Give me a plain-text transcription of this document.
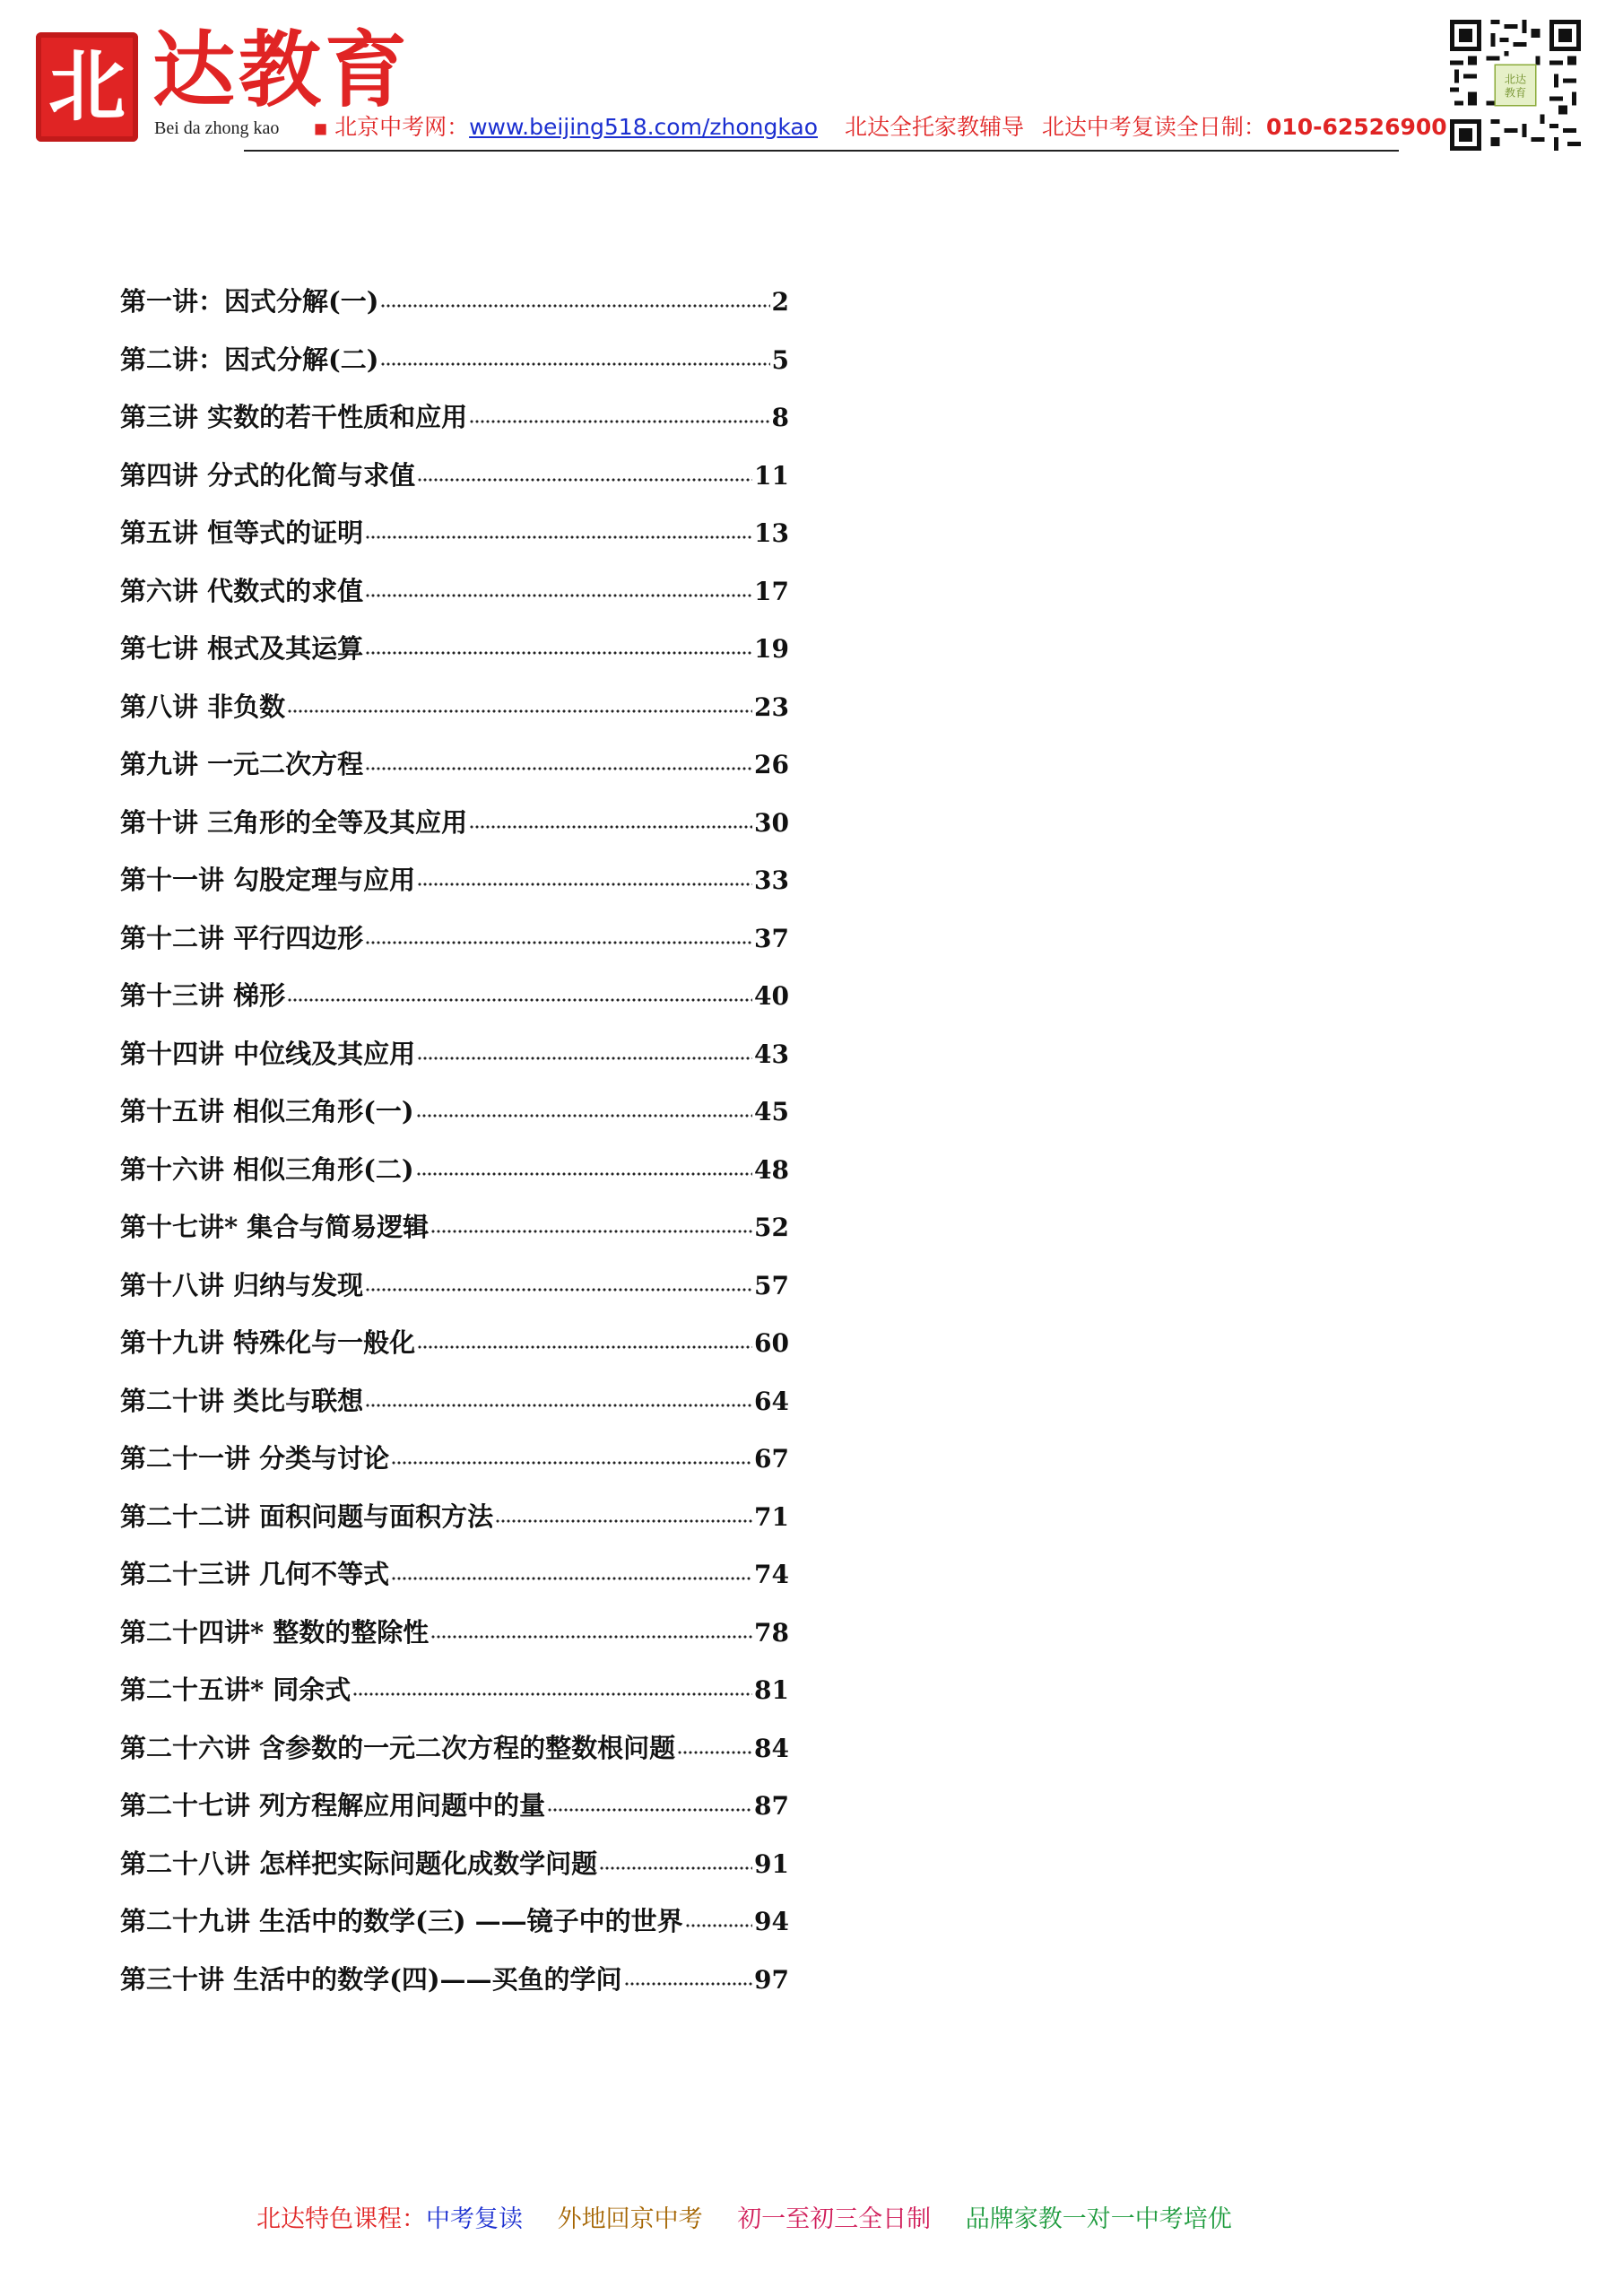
北 达教育
Bei da zhong kao ■ 北京中考网：www.beijing518.com/zhongkao 北达全托家教辅导 北达中考复读全日制：010-62526900
北达
教育
第一讲：因式分解(一)	2
第二讲：因式分解(二)	5
第三讲 实数的若干性质和应用	8
第四讲 分式的化简与求值	11
第五讲 恒等式的证明	13
第六讲 代数式的求值	17
第七讲 根式及其运算	19
第八讲 非负数	23
第九讲 一元二次方程	26
第十讲 三角形的全等及其应用	30
第十一讲 勾股定理与应用	33
第十二讲 平行四边形	37
第十三讲 梯形	40
第十四讲 中位线及其应用	43
第十五讲 相似三角形(一)	45
第十六讲 相似三角形(二)	48
第十七讲* 集合与简易逻辑	52
第十八讲 归纳与发现	57
第十九讲 特殊化与一般化	60
第二十讲 类比与联想	64
第二十一讲 分类与讨论	67
第二十二讲 面积问题与面积方法	71
第二十三讲 几何不等式	74
第二十四讲* 整数的整除性	78
第二十五讲* 同余式	81
第二十六讲 含参数的一元二次方程的整数根问题	84
第二十七讲 列方程解应用问题中的量	87
第二十八讲 怎样把实际问题化成数学问题	91
第二十九讲 生活中的数学(三) ——镜子中的世界	94
第三十讲 生活中的数学(四)——买鱼的学问	97
北达特色课程：中考复读 外地回京中考 初一至初三全日制 品牌家教一对一中考培优
